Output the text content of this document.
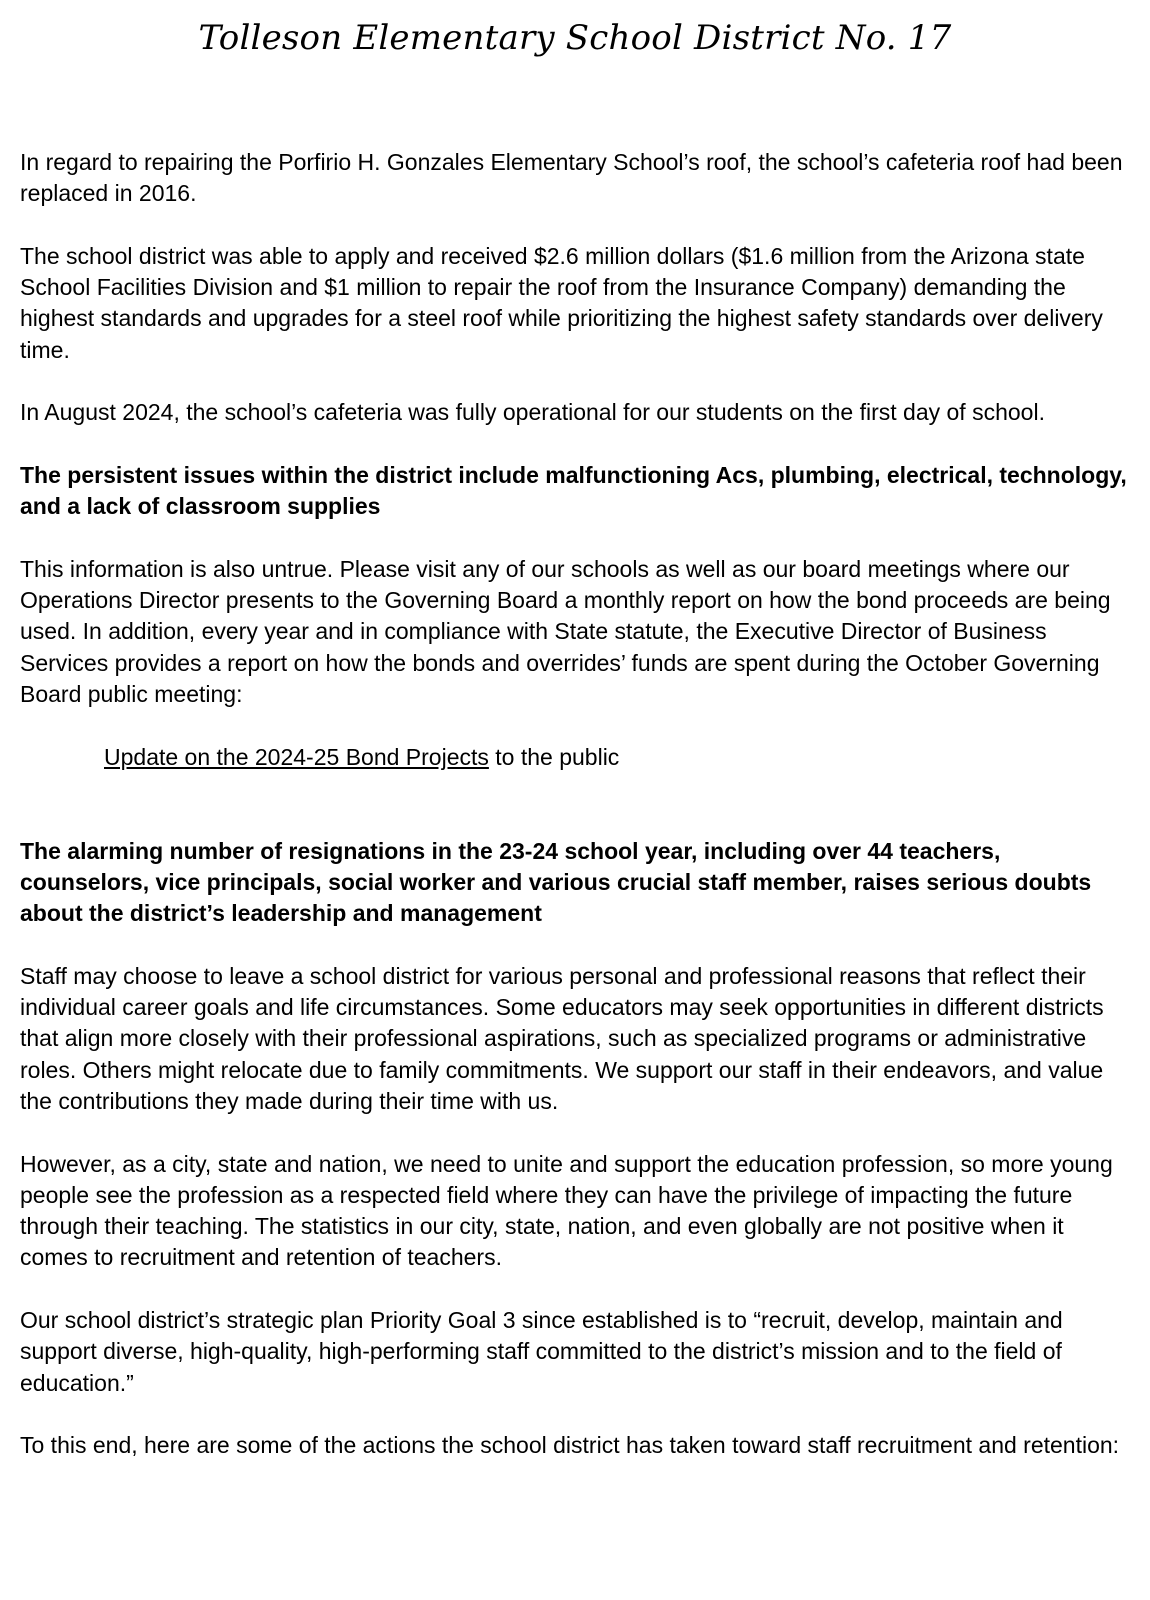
Tolleson Elementary School District No. 17

In regard to repairing the Porfirio H. Gonzales Elementary School’s roof, the school’s cafeteria roof had been replaced in 2016.

The school district was able to apply and received $2.6 million dollars ($1.6 million from the Arizona state School Facilities Division and $1 million to repair the roof from the Insurance Company) demanding the highest standards and upgrades for a steel roof while prioritizing the highest safety standards over delivery time.

In August 2024, the school’s cafeteria was fully operational for our students on the first day of school.

The persistent issues within the district include malfunctioning Acs, plumbing, electrical, technology, and a lack of classroom supplies

This information is also untrue. Please visit any of our schools as well as our board meetings where our Operations Director presents to the Governing Board a monthly report on how the bond proceeds are being used. In addition, every year and in compliance with State statute, the Executive Director of Business Services provides a report on how the bonds and overrides’ funds are spent during the October Governing Board public meeting:

Update on the 2024-25 Bond Projects to the public

The alarming number of resignations in the 23-24 school year, including over 44 teachers, counselors, vice principals, social worker and various crucial staff member, raises serious doubts about the district’s leadership and management

Staff may choose to leave a school district for various personal and professional reasons that reflect their individual career goals and life circumstances. Some educators may seek opportunities in different districts that align more closely with their professional aspirations, such as specialized programs or administrative roles. Others might relocate due to family commitments. We support our staff in their endeavors, and value the contributions they made during their time with us.

However, as a city, state and nation, we need to unite and support the education profession, so more young people see the profession as a respected field where they can have the privilege of impacting the future through their teaching. The statistics in our city, state, nation, and even globally are not positive when it comes to recruitment and retention of teachers.

Our school district’s strategic plan Priority Goal 3 since established is to “recruit, develop, maintain and support diverse, high-quality, high-performing staff committed to the district’s mission and to the field of education.”

To this end, here are some of the actions the school district has taken toward staff recruitment and retention:
